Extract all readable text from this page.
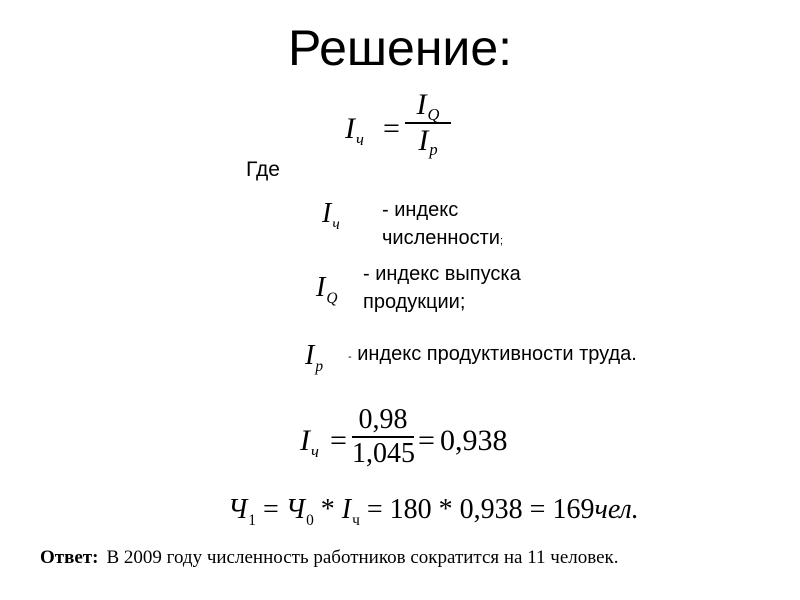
Решение:
$I_ч$ =
IQ
Ip
Где
$I_ч$
- индекс
численности;
$I_Q$
- индекс выпуска
продукции;
$I_p$
- индекс продуктивности труда.
$I_ч$ =
0,98
1,045 = 0,938
$Ч_1 = Ч_0 * I_ч = 180 * 0,938 = 169чел$.
Ответ: В 2009 году численность работников сократится на 11 человек.
